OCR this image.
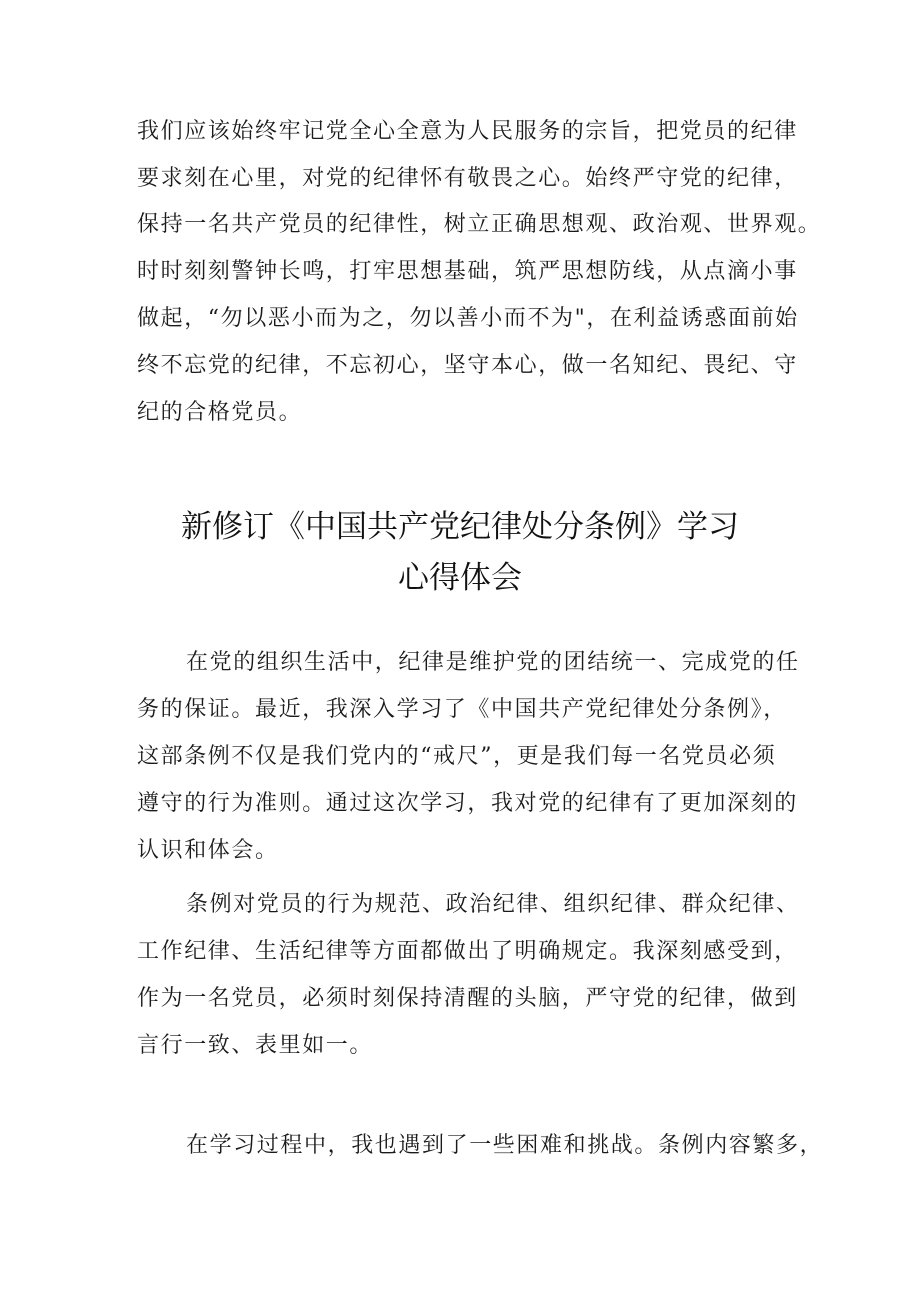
我们应该始终牢记党全心全意为人民服务的宗旨，把党员的纪律
要求刻在心里，对党的纪律怀有敬畏之心。始终严守党的纪律，
保持一名共产党员的纪律性，树立正确思想观、政治观、世界观。
时时刻刻警钟长鸣，打牢思想基础，筑严思想防线，从点滴小事
做起，“勿以恶小而为之，勿以善小而不为"，在利益诱惑面前始
终不忘党的纪律，不忘初心，坚守本心，做一名知纪、畏纪、守
纪的合格党员。
新修订《中国共产党纪律处分条例》学习
心得体会
在党的组织生活中，纪律是维护党的团结统一、完成党的任
务的保证。最近，我深入学习了《中国共产党纪律处分条例》，
这部条例不仅是我们党内的“戒尺”，更是我们每一名党员必须
遵守的行为准则。通过这次学习，我对党的纪律有了更加深刻的
认识和体会。
条例对党员的行为规范、政治纪律、组织纪律、群众纪律、
工作纪律、生活纪律等方面都做出了明确规定。我深刻感受到，
作为一名党员，必须时刻保持清醒的头脑，严守党的纪律，做到
言行一致、表里如一。
在学习过程中，我也遇到了一些困难和挑战。条例内容繁多，
